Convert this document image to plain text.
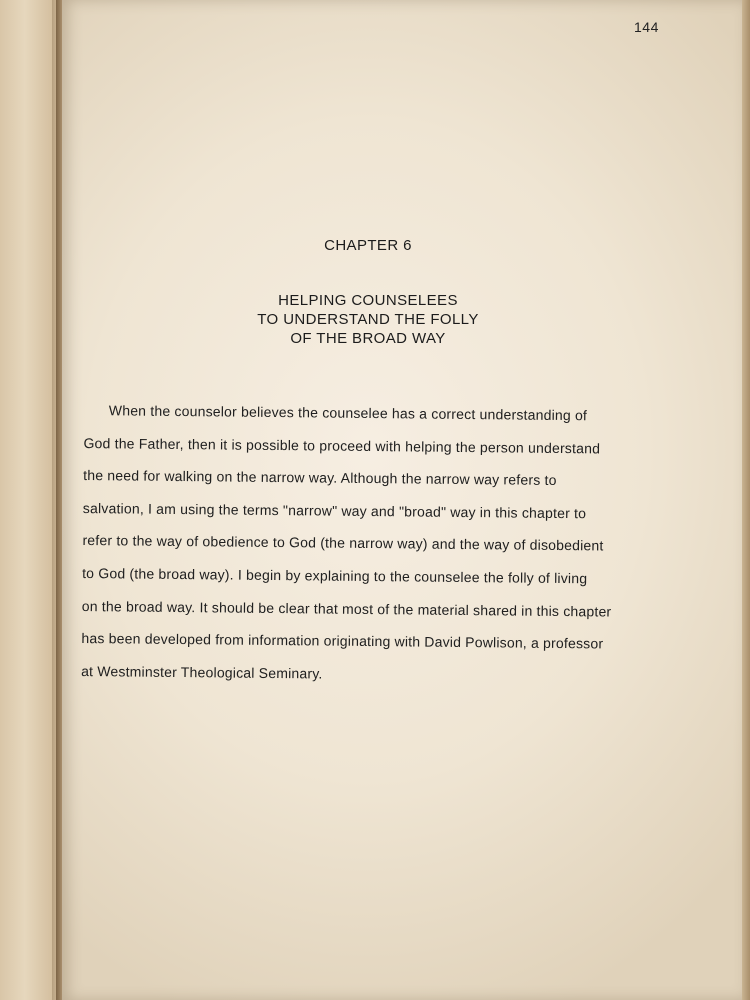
144
CHAPTER 6
HELPING COUNSELEES
TO UNDERSTAND THE FOLLY
OF THE BROAD WAY
When the counselor believes the counselee has a correct understanding of
God the Father, then it is possible to proceed with helping the person understand
the need for walking on the narrow way. Although the narrow way refers to
salvation, I am using the terms "narrow" way and "broad" way in this chapter to
refer to the way of obedience to God (the narrow way) and the way of disobedient
to God (the broad way). I begin by explaining to the counselee the folly of living
on the broad way. It should be clear that most of the material shared in this chapter
has been developed from information originating with David Powlison, a professor
at Westminster Theological Seminary.
